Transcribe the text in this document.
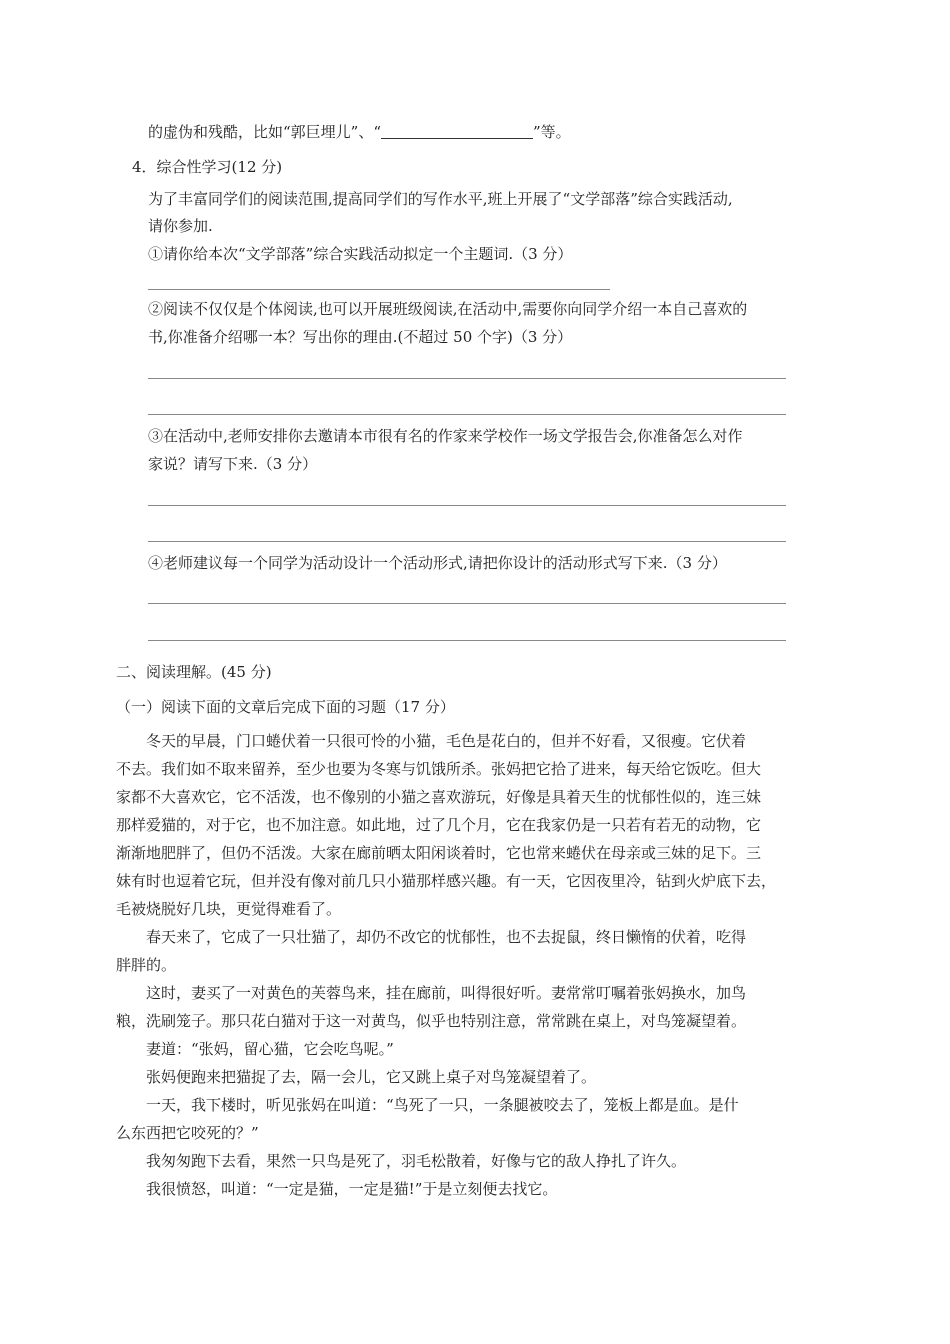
的虚伪和残酷，比如“郭巨埋儿”、“	”等。
4．综合性学习(12 分)
为了丰富同学们的阅读范围,提高同学们的写作水平,班上开展了“文学部落”综合实践活动,
请你参加.
①请你给本次“文学部落”综合实践活动拟定一个主题词.（3 分）
②阅读不仅仅是个体阅读,也可以开展班级阅读,在活动中,需要你向同学介绍一本自己喜欢的
书,你准备介绍哪一本？写出你的理由.(不超过 50 个字)（3 分）
③在活动中,老师安排你去邀请本市很有名的作家来学校作一场文学报告会,你准备怎么对作
家说？请写下来.（3 分）
④老师建议每一个同学为活动设计一个活动形式,请把你设计的活动形式写下来.（3 分）
二、阅读理解。(45 分)
（一）阅读下面的文章后完成下面的习题（17 分）
　　冬天的早晨，门口蜷伏着一只很可怜的小猫，毛色是花白的，但并不好看，又很瘦。它伏着
不去。我们如不取来留养，至少也要为冬寒与饥饿所杀。张妈把它拾了进来，每天给它饭吃。但大
家都不大喜欢它，它不活泼，也不像别的小猫之喜欢游玩，好像是具着天生的忧郁性似的，连三妹
那样爱猫的，对于它，也不加注意。如此地，过了几个月，它在我家仍是一只若有若无的动物，它
渐渐地肥胖了，但仍不活泼。大家在廊前晒太阳闲谈着时，它也常来蜷伏在母亲或三妹的足下。三
妹有时也逗着它玩，但并没有像对前几只小猫那样感兴趣。有一天，它因夜里冷，钻到火炉底下去，
毛被烧脱好几块，更觉得难看了。
　　春天来了，它成了一只壮猫了，却仍不改它的忧郁性，也不去捉鼠，终日懒惰的伏着，吃得
胖胖的。
　　这时，妻买了一对黄色的芙蓉鸟来，挂在廊前，叫得很好听。妻常常叮嘱着张妈换水，加鸟
粮，洗刷笼子。那只花白猫对于这一对黄鸟，似乎也特别注意，常常跳在桌上，对鸟笼凝望着。
　　妻道：“张妈，留心猫，它会吃鸟呢。”
　　张妈便跑来把猫捉了去，隔一会儿，它又跳上桌子对鸟笼凝望着了。
　　一天，我下楼时，听见张妈在叫道：“鸟死了一只，一条腿被咬去了，笼板上都是血。是什
么东西把它咬死的？”
　　我匆匆跑下去看，果然一只鸟是死了，羽毛松散着，好像与它的敌人挣扎了许久。
　　我很愤怒，叫道：“一定是猫，一定是猫!”于是立刻便去找它。
